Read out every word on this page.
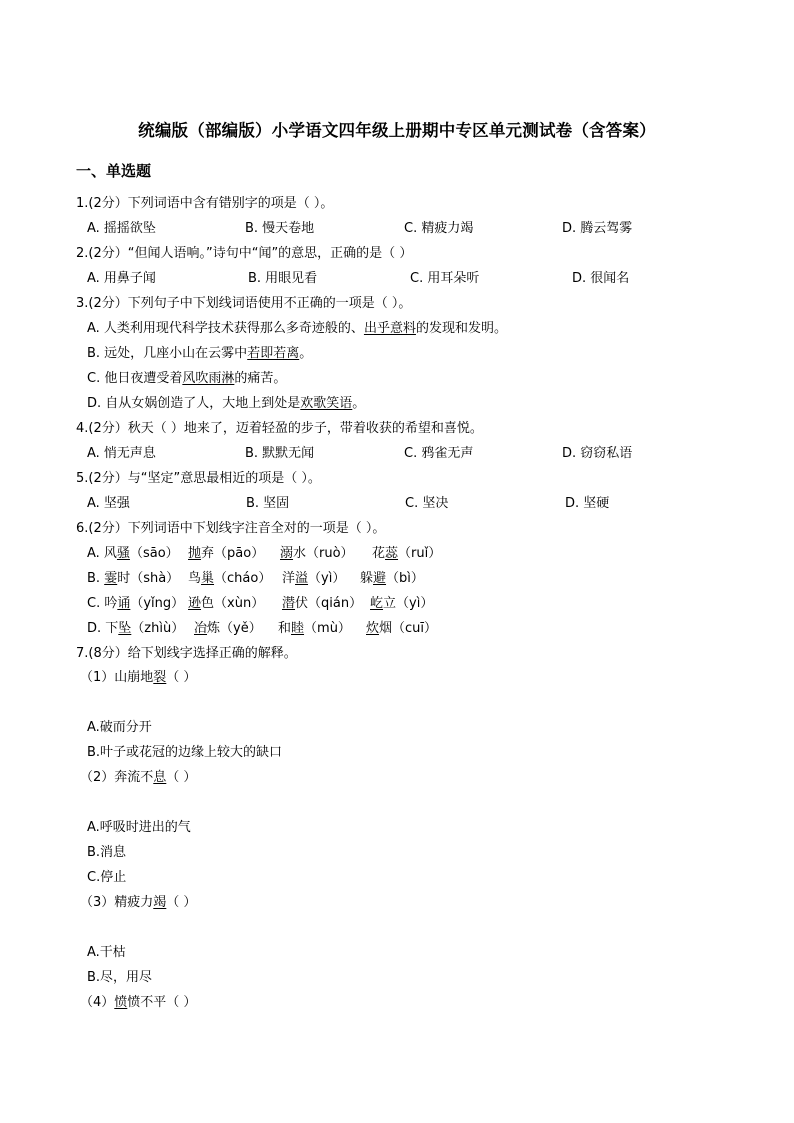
统编版（部编版）小学语文四年级上册期中专区单元测试卷（含答案）
一、单选题
1.(2分）下列词语中含有错别字的项是（ ）。
A. 摇摇欲坠	B. 慢天卷地	C. 精疲力竭	D. 腾云驾雾
2.(2分）“但闻人语响。”诗句中“闻”的意思，正确的是（ ）
A. 用鼻子闻	B. 用眼见看	C. 用耳朵听	D. 很闻名
3.(2分）下列句子中下划线词语使用不正确的一项是（ ）。
A. 人类利用现代科学技术获得那么多奇迹般的、出乎意料的发现和发明。
B. 远处，几座小山在云雾中若即若离。
C. 他日夜遭受着风吹雨淋的痛苦。
D. 自从女娲创造了人，大地上到处是欢歌笑语。
4.(2分）秋天（ ）地来了，迈着轻盈的步子，带着收获的希望和喜悦。
A. 悄无声息	B. 默默无闻	C. 鸦雀无声	D. 窃窃私语
5.(2分）与“坚定”意思最相近的项是（ ）。
A. 坚强	B. 坚固	C. 坚决	D. 坚硬
6.(2分）下列词语中下划线字注音全对的一项是（ ）。
A. 风骚（sāo） 抛弃（pāo） 溺水（ruò） 花蕊（ruǐ）
B. 霎时（shà） 鸟巢（cháo） 洋溢（yì） 躲避（bì）
C. 吟诵（yǐng） 逊色（xùn） 潜伏（qián） 屹立（yì）
D. 下坠（zhìù） 冶炼（yě） 和睦（mù） 炊烟（cuī）
7.(8分）给下划线字选择正确的解释。
（1）山崩地裂（ ）
A.破而分开
B.叶子或花冠的边缘上较大的缺口
（2）奔流不息（ ）
A.呼吸时进出的气
B.消息
C.停止
（3）精疲力竭（ ）
A.干枯
B.尽，用尽
（4）愤愤不平（ ）
